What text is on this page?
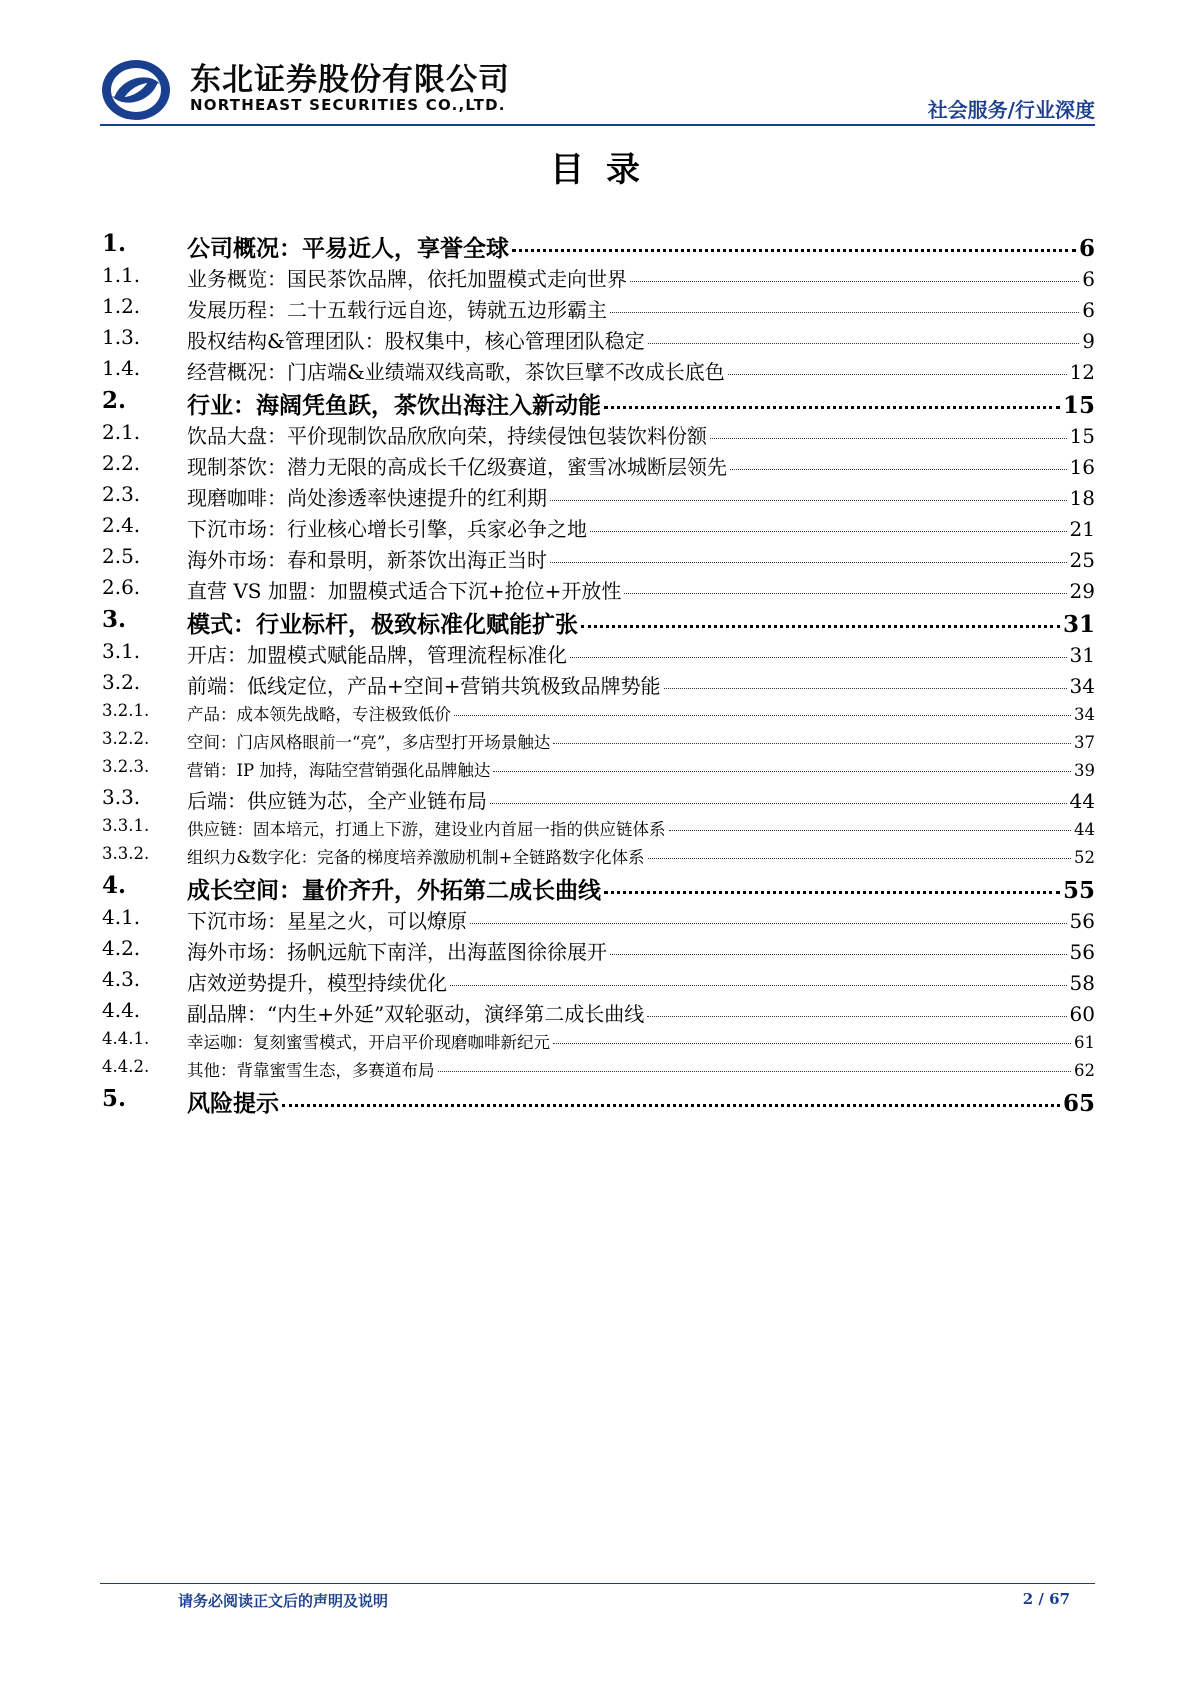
东北证券股份有限公司
NORTHEAST SECURITIES CO.,LTD.	社会服务/行业深度
目录
1.	公司概况：平易近人，享誉全球	6
1.1. 业务概览：国民茶饮品牌，依托加盟模式走向世界	6
1.2. 发展历程：二十五载行远自迩，铸就五边形霸主	6
1.3. 股权结构&管理团队：股权集中，核心管理团队稳定	9
1.4. 经营概况：门店端&业绩端双线高歌，茶饮巨擘不改成长底色	12
2.	行业：海阔凭鱼跃，茶饮出海注入新动能	15
2.1. 饮品大盘：平价现制饮品欣欣向荣，持续侵蚀包装饮料份额	15
2.2. 现制茶饮：潜力无限的高成长千亿级赛道，蜜雪冰城断层领先	16
2.3. 现磨咖啡：尚处渗透率快速提升的红利期	18
2.4. 下沉市场：行业核心增长引擎，兵家必争之地	21
2.5. 海外市场：春和景明，新茶饮出海正当时	25
2.6. 直营 VS 加盟：加盟模式适合下沉+抢位+开放性	29
3.	模式：行业标杆，极致标准化赋能扩张	31
3.1. 开店：加盟模式赋能品牌，管理流程标准化	31
3.2. 前端：低线定位，产品+空间+营销共筑极致品牌势能	34
3.2.1. 产品：成本领先战略，专注极致低价	34
3.2.2. 空间：门店风格眼前一“亮”，多店型打开场景触达	37
3.2.3. 营销：IP 加持，海陆空营销强化品牌触达	39
3.3. 后端：供应链为芯，全产业链布局	44
3.3.1. 供应链：固本培元，打通上下游，建设业内首屈一指的供应链体系	44
3.3.2. 组织力&数字化：完备的梯度培养激励机制+全链路数字化体系	52
4.	成长空间：量价齐升，外拓第二成长曲线	55
4.1. 下沉市场：星星之火，可以燎原	56
4.2. 海外市场：扬帆远航下南洋，出海蓝图徐徐展开	56
4.3. 店效逆势提升，模型持续优化	58
4.4. 副品牌：“内生+外延”双轮驱动，演绎第二成长曲线	60
4.4.1. 幸运咖：复刻蜜雪模式，开启平价现磨咖啡新纪元	61
4.4.2. 其他：背靠蜜雪生态，多赛道布局	62
5.	风险提示	65
请务必阅读正文后的声明及说明	2 / 67
